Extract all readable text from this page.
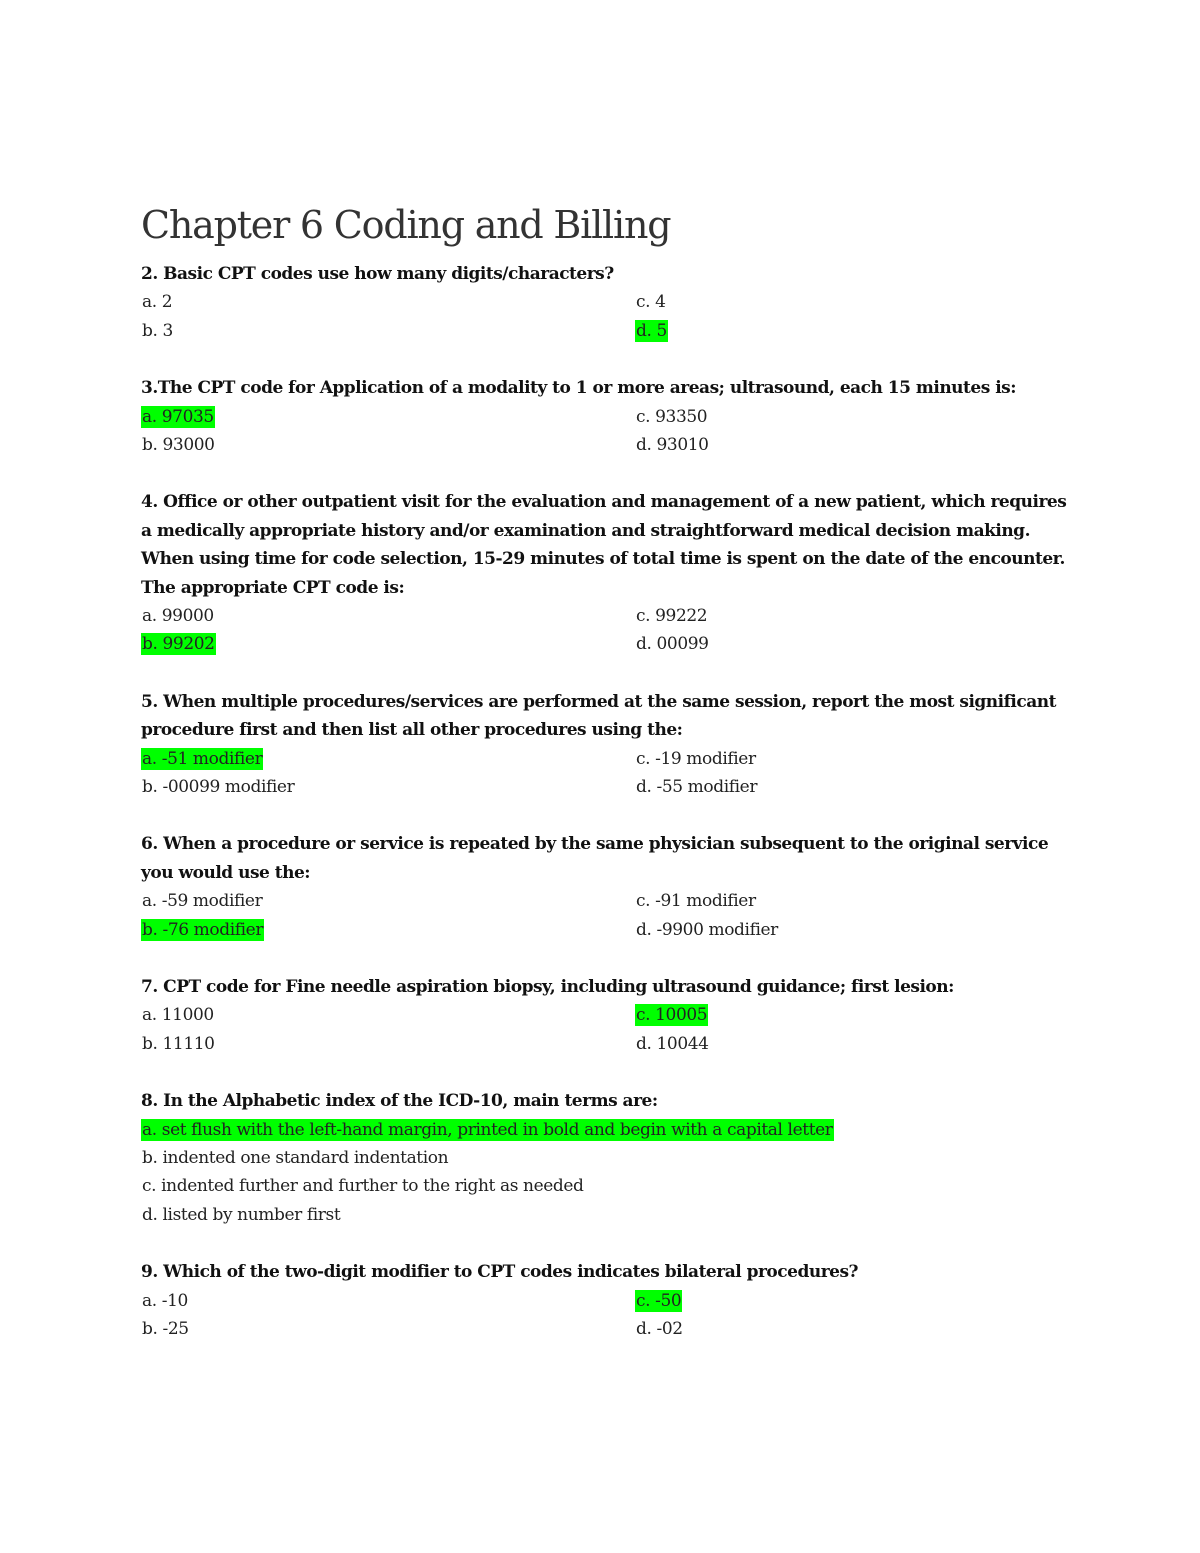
Chapter 6 Coding and Billing

2. Basic CPT codes use how many digits/characters?

a. 2
b. 3
c. 4
d. 5

3.The CPT code for Application of a modality to 1 or more areas; ultrasound, each 15 minutes is:

a. 97035
b. 93000
c. 93350
d. 93010

4. Office or other outpatient visit for the evaluation and management of a new patient, which requires a medically appropriate history and/or examination and straightforward medical decision making. When using time for code selection, 15-29 minutes of total time is spent on the date of the encounter. The appropriate CPT code is:

a. 99000
b. 99202
c. 99222
d. 00099

5. When multiple procedures/services are performed at the same session, report the most significant procedure first and then list all other procedures using the:

a. -51 modifier
b. -00099 modifier
c. -19 modifier
d. -55 modifier

6. When a procedure or service is repeated by the same physician subsequent to the original service you would use the:

a. -59 modifier
b. -76 modifier
c. -91 modifier
d. -9900 modifier

7. CPT code for Fine needle aspiration biopsy, including ultrasound guidance; first lesion:

a. 11000
b. 11110
c. 10005
d. 10044

8. In the Alphabetic index of the ICD-10, main terms are:

a. set flush with the left-hand margin, printed in bold and begin with a capital letter
b. indented one standard indentation
c. indented further and further to the right as needed
d. listed by number first

9. Which of the two-digit modifier to CPT codes indicates bilateral procedures?

a. -10
b. -25
c. -50
d. -02
